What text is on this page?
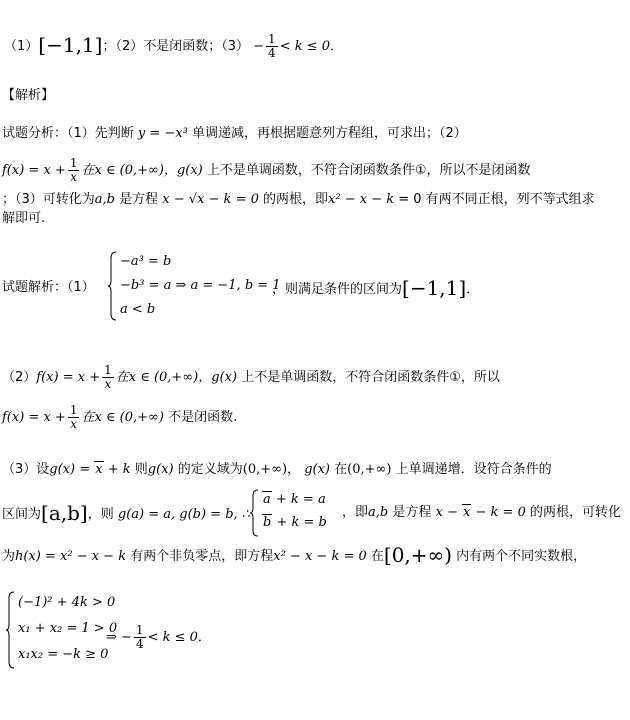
（1）[−1,1]；（2）不是闭函数；$(3) - \frac{1}{4} < k \le 0$．
【解析】
试题分析：（1）先判断 y = −x³ 单调递减，再根据题意列方程组，可求出；（2）
$f(x) = x + \frac{1}{x}$ 在x ∈ (0,+∞)，g(x) 上不是单调函数，不符合闭函数条件①，所以不是闭函数
；（3）可转化为a,b 是方程 x − √x − k = 0 的两根，即x² − x − k = 0 有两不同正根，列不等式组求
解即可.
试题解析：（1）
−a³ = b
−b³ = a ⇒ a = −1, b = 1
a < b
，则满足条件的区间为[−1,1]．
$(2)f(x) = x + \frac{1}{x}$ 在x ∈ (0,+∞)，g(x) 上不是单调函数，不符合闭函数条件①，所以
$f(x) = x + \frac{1}{x}$ 在x ∈ (0,+∞) 不是闭函数.
（3）设g(x) = x + k 则g(x) 的定义域为(0,+∞)， g(x) 在(0,+∞) 上单调递增．设符合条件的
区间为[a,b]，则 g(a) = a, g(b) = b, ∴
a + k = a
b + k = b
，即a,b 是方程 x − x − k = 0 的两根，可转化
为h(x) = x² − x − k 有两个非负零点，即方程x² − x − k = 0 在[0,+∞) 内有两个不同实数根，
(−1)² + 4k > 0
x₁ + x₂ = 1 > 0
x₁x₂ = −k ≥ 0
⇒ − $\frac{1}{4} < k \le 0$．
